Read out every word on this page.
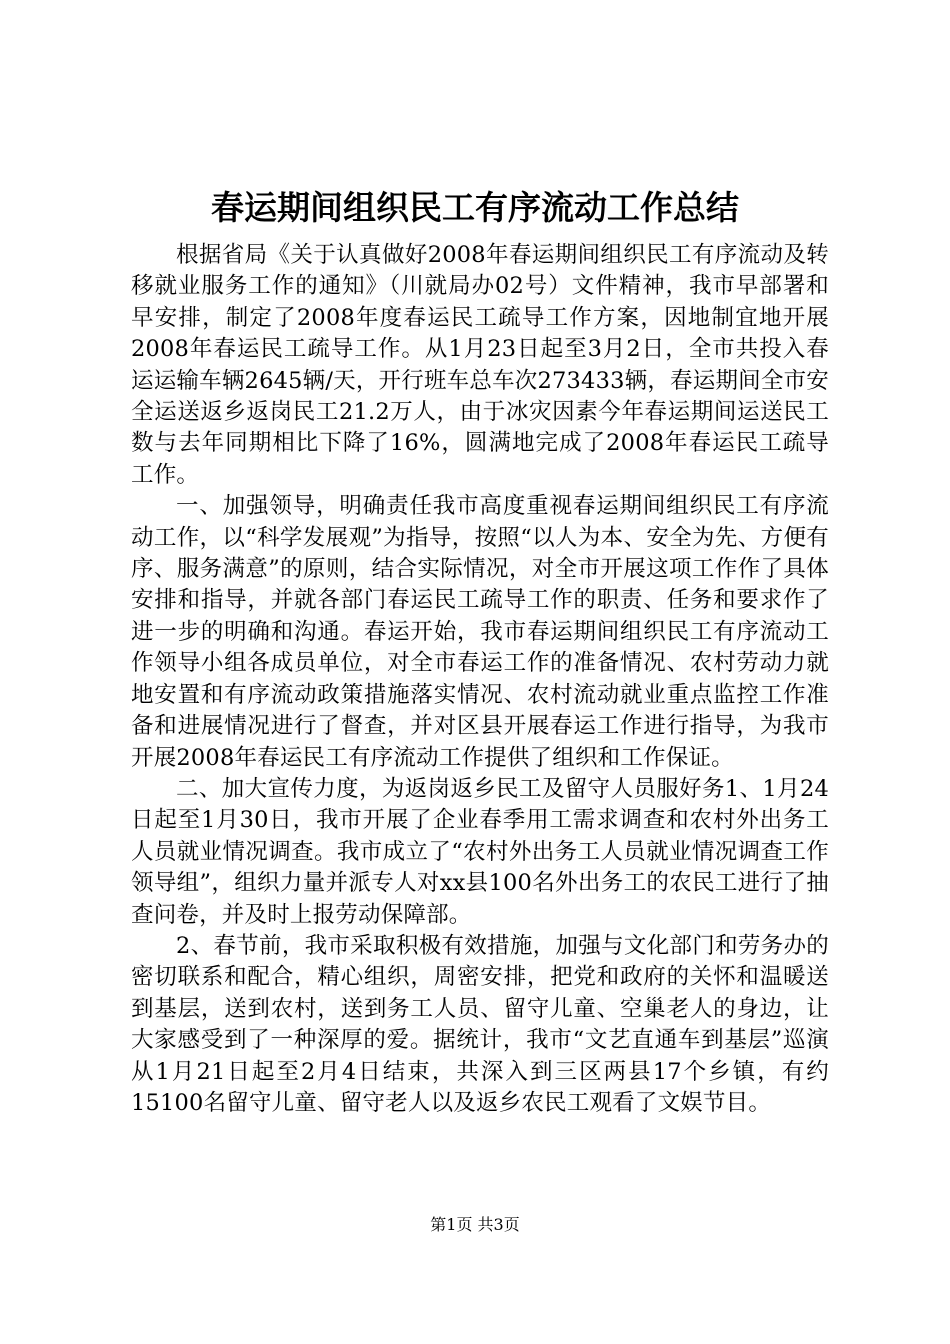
春运期间组织民工有序流动工作总结

根据省局《关于认真做好2008年春运期间组织民工有序流动及转移就业服务工作的通知》（川就局办02号）文件精神，我市早部署和早安排，制定了2008年度春运民工疏导工作方案，因地制宜地开展2008年春运民工疏导工作。从1月23日起至3月2日，全市共投入春运运输车辆2645辆/天，开行班车总车次273433辆，春运期间全市安全运送返乡返岗民工21.2万人，由于冰灾因素今年春运期间运送民工数与去年同期相比下降了16%，圆满地完成了2008年春运民工疏导工作。

一、加强领导，明确责任我市高度重视春运期间组织民工有序流动工作，以“科学发展观”为指导，按照“以人为本、安全为先、方便有序、服务满意”的原则，结合实际情况，对全市开展这项工作作了具体安排和指导，并就各部门春运民工疏导工作的职责、任务和要求作了进一步的明确和沟通。春运开始，我市春运期间组织民工有序流动工作领导小组各成员单位，对全市春运工作的准备情况、农村劳动力就地安置和有序流动政策措施落实情况、农村流动就业重点监控工作准备和进展情况进行了督查，并对区县开展春运工作进行指导，为我市开展2008年春运民工有序流动工作提供了组织和工作保证。

二、加大宣传力度，为返岗返乡民工及留守人员服好务1、1月24日起至1月30日，我市开展了企业春季用工需求调查和农村外出务工人员就业情况调查。我市成立了“农村外出务工人员就业情况调查工作领导组”，组织力量并派专人对xx县100名外出务工的农民工进行了抽查问卷，并及时上报劳动保障部。

2、春节前，我市采取积极有效措施，加强与文化部门和劳务办的密切联系和配合，精心组织，周密安排，把党和政府的关怀和温暖送到基层，送到农村，送到务工人员、留守儿童、空巢老人的身边，让大家感受到了一种深厚的爱。据统计，我市“文艺直通车到基层”巡演从1月21日起至2月4日结束，共深入到三区两县17个乡镇，有约15100名留守儿童、留守老人以及返乡农民工观看了文娱节目。

第1页 共3页
